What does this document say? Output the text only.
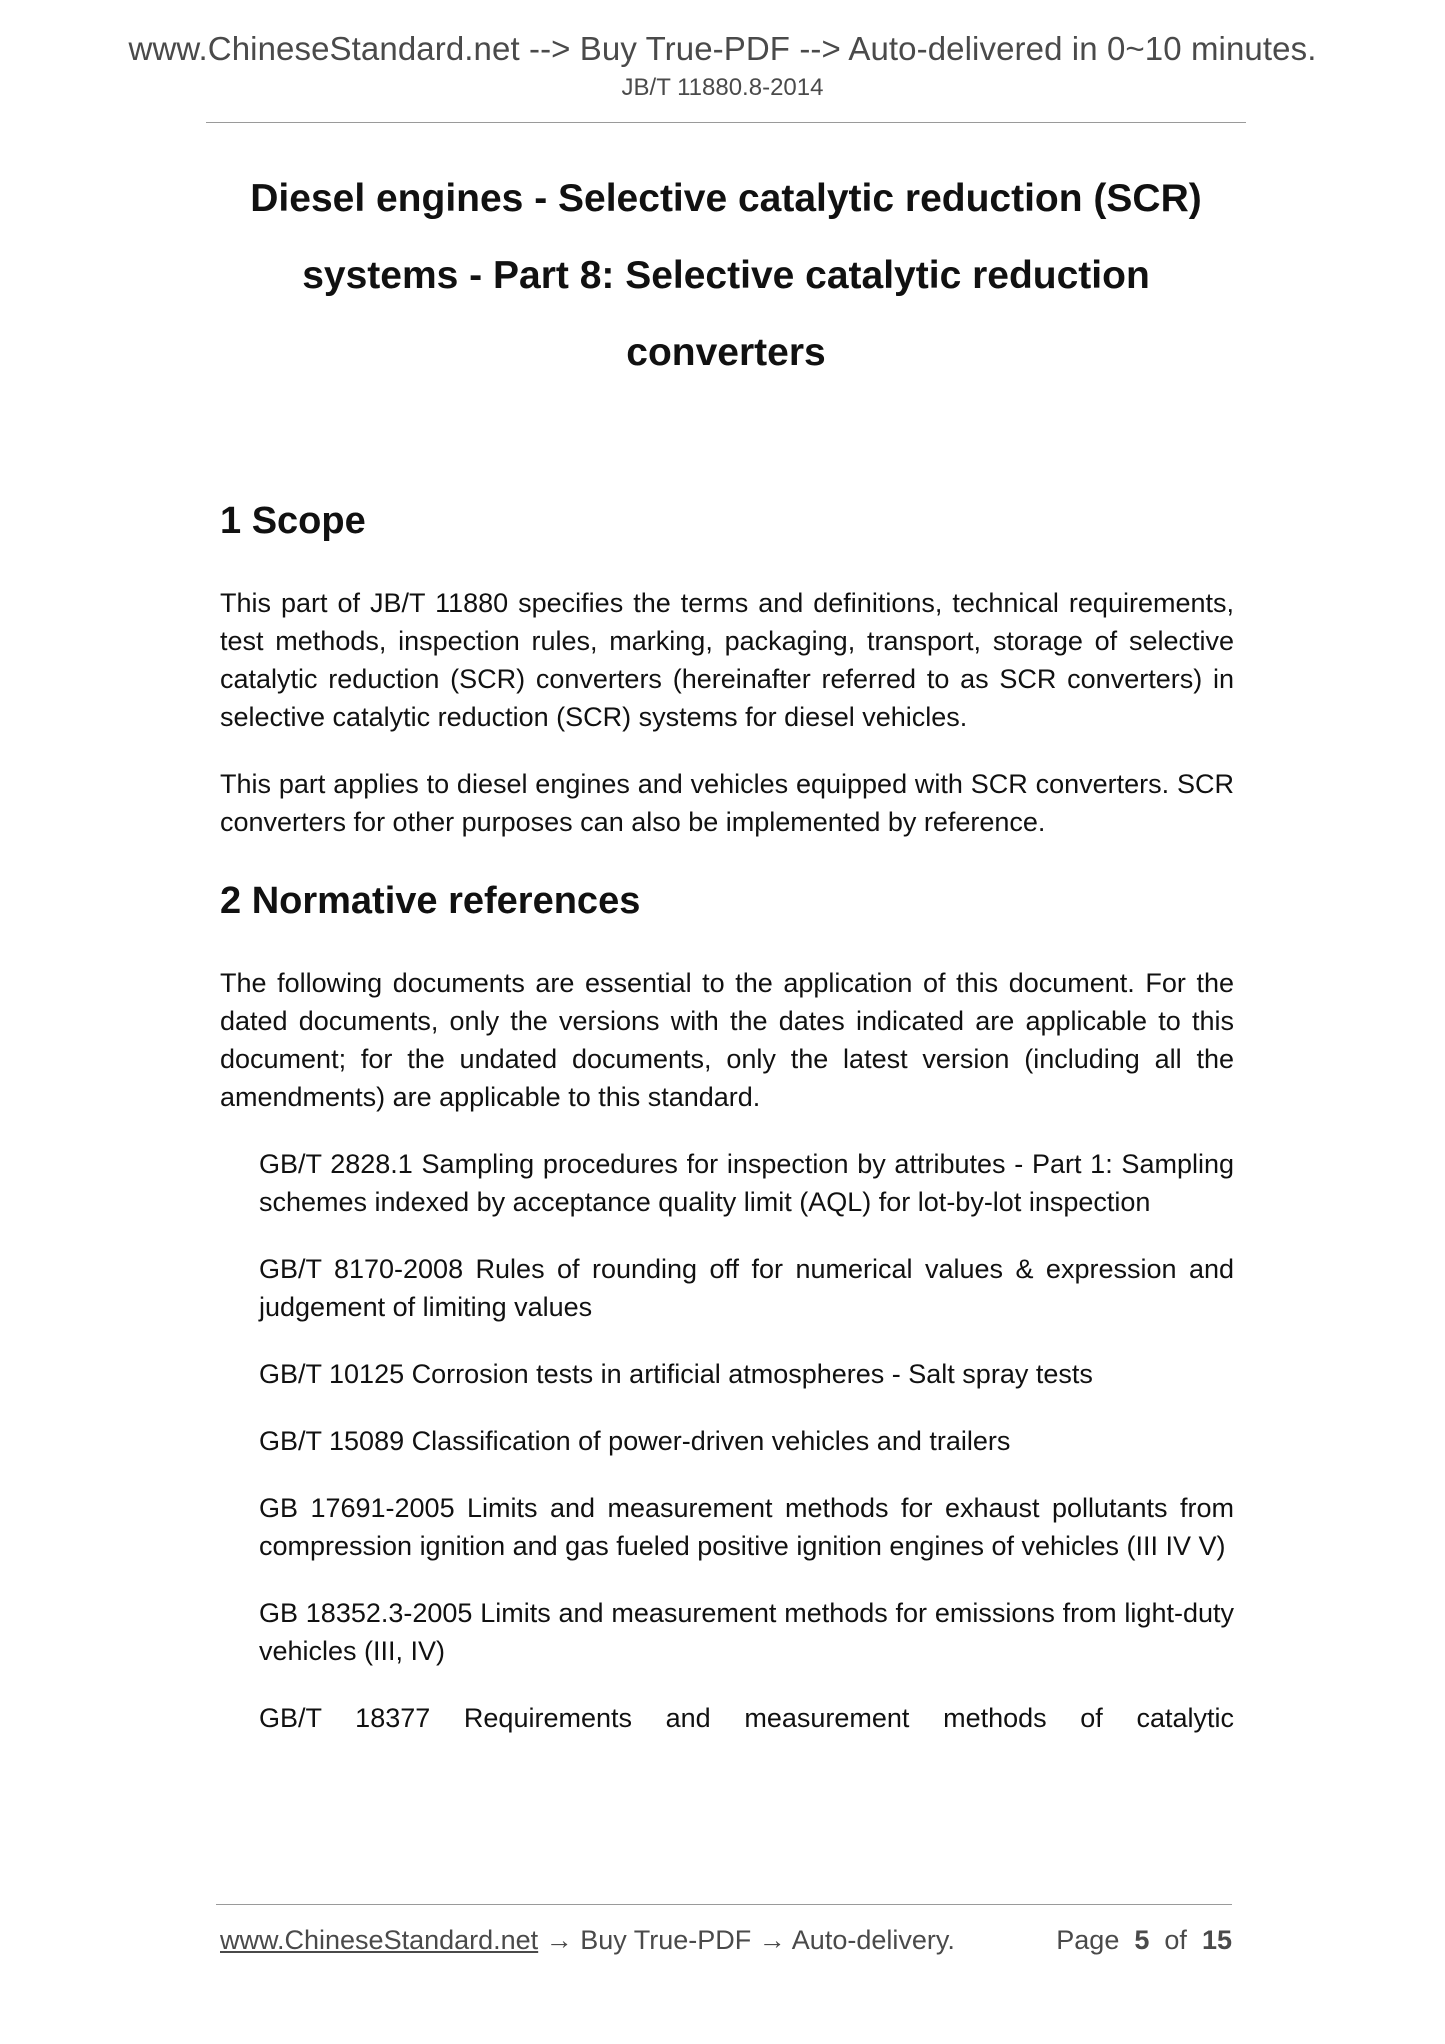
www.ChineseStandard.net --> Buy True-PDF --> Auto-delivered in 0~10 minutes.
JB/T 11880.8-2014
Diesel engines - Selective catalytic reduction (SCR)
systems - Part 8: Selective catalytic reduction
converters
1 Scope

This part of JB/T 11880 specifies the terms and definitions, technical requirements, test methods, inspection rules, marking, packaging, transport, storage of selective catalytic reduction (SCR) converters (hereinafter referred to as SCR converters) in selective catalytic reduction (SCR) systems for diesel vehicles.

This part applies to diesel engines and vehicles equipped with SCR converters. SCR converters for other purposes can also be implemented by reference.

2 Normative references

The following documents are essential to the application of this document. For the dated documents, only the versions with the dates indicated are applicable to this document; for the undated documents, only the latest version (including all the amendments) are applicable to this standard.

GB/T 2828.1 Sampling procedures for inspection by attributes - Part 1: Sampling schemes indexed by acceptance quality limit (AQL) for lot-by-lot inspection

GB/T 8170-2008 Rules of rounding off for numerical values & expression and judgement of limiting values

GB/T 10125 Corrosion tests in artificial atmospheres - Salt spray tests

GB/T 15089 Classification of power-driven vehicles and trailers

GB 17691-2005 Limits and measurement methods for exhaust pollutants from compression ignition and gas fueled positive ignition engines of vehicles (III IV V)

GB 18352.3-2005 Limits and measurement methods for emissions from light-duty vehicles (III, IV)

GB/T 18377 Requirements and measurement methods of catalytic

www.ChineseStandard.net → Buy True-PDF → Auto-delivery.	Page 5 of 15
